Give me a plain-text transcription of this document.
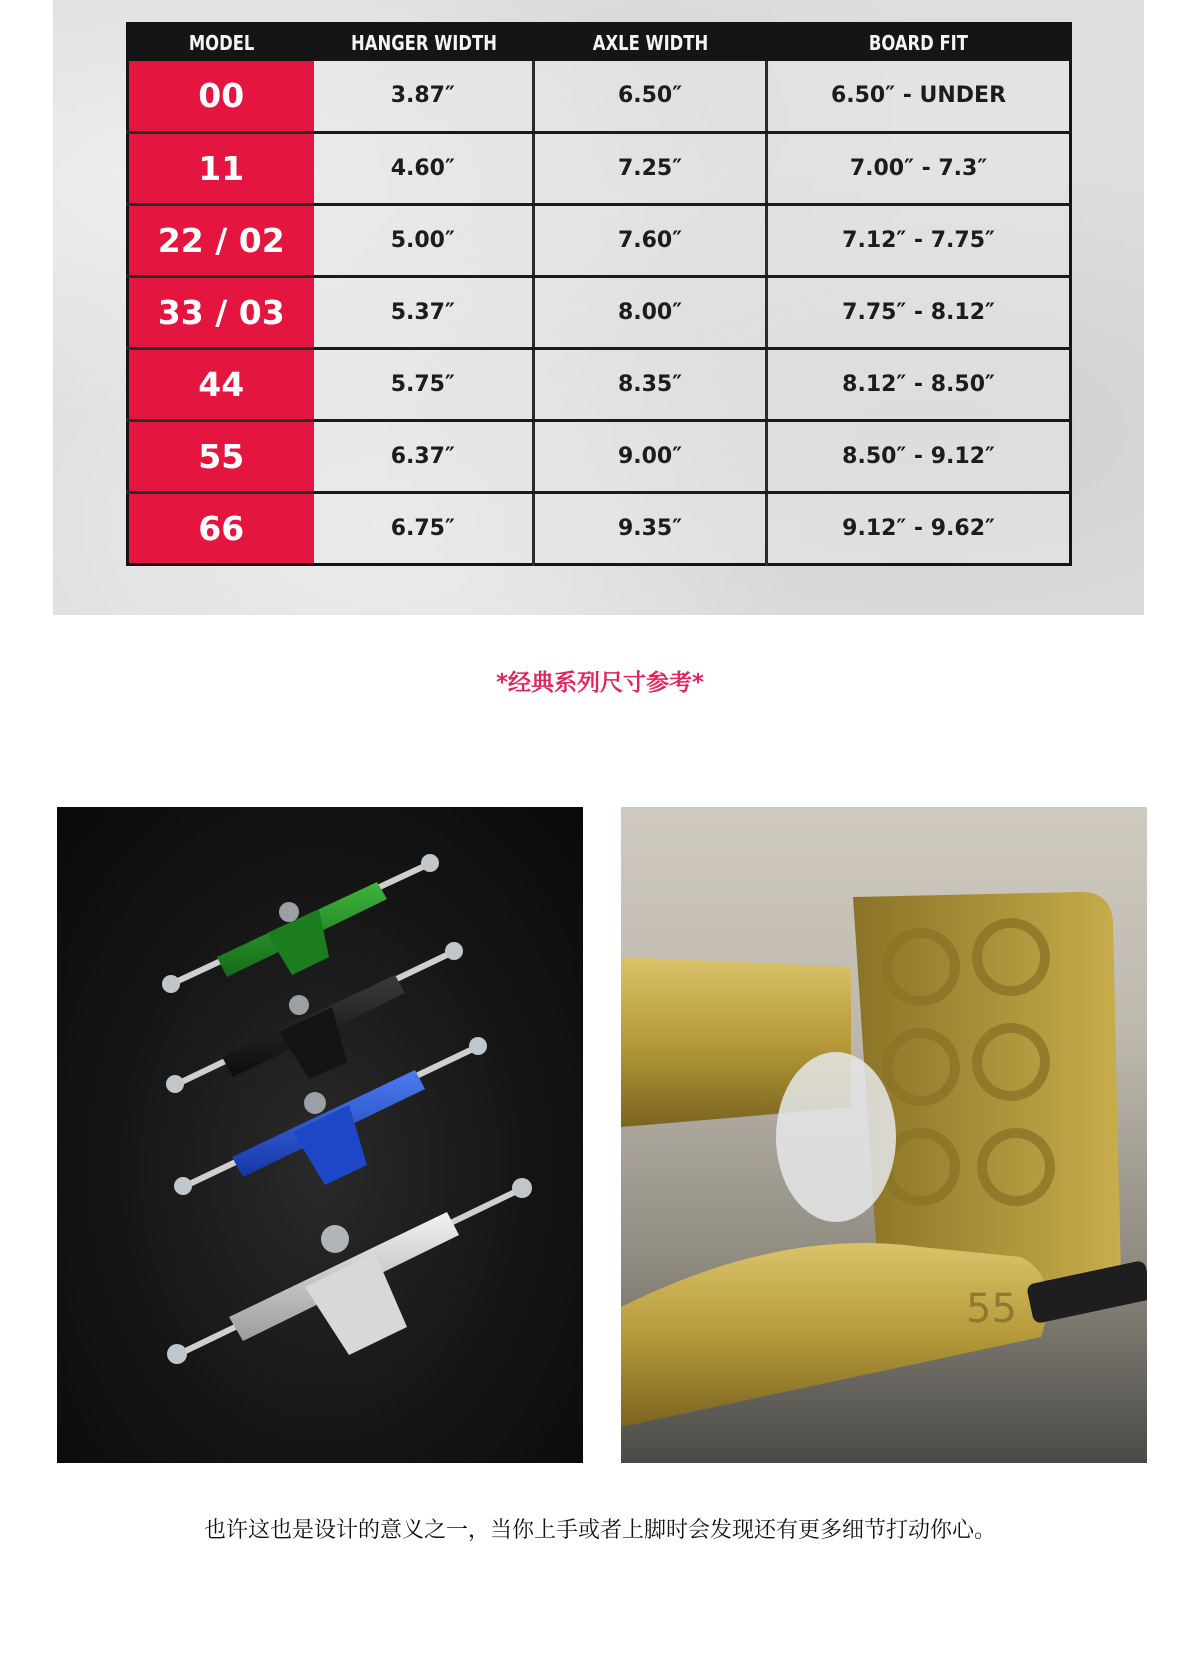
MODEL	HANGER WIDTH	AXLE WIDTH	BOARD FIT
00	3.87″	6.50″	6.50″ - UNDER
11	4.60″	7.25″	7.00″ - 7.3″
22 / 02	5.00″	7.60″	7.12″ - 7.75″
33 / 03	5.37″	8.00″	7.75″ - 8.12″
44	5.75″	8.35″	8.12″ - 8.50″
55	6.37″	9.00″	8.50″ - 9.12″
66	6.75″	9.35″	9.12″ - 9.62″
*经典系列尺寸参考*
55
也许这也是设计的意义之一，当你上手或者上脚时会发现还有更多细节打动你心。
